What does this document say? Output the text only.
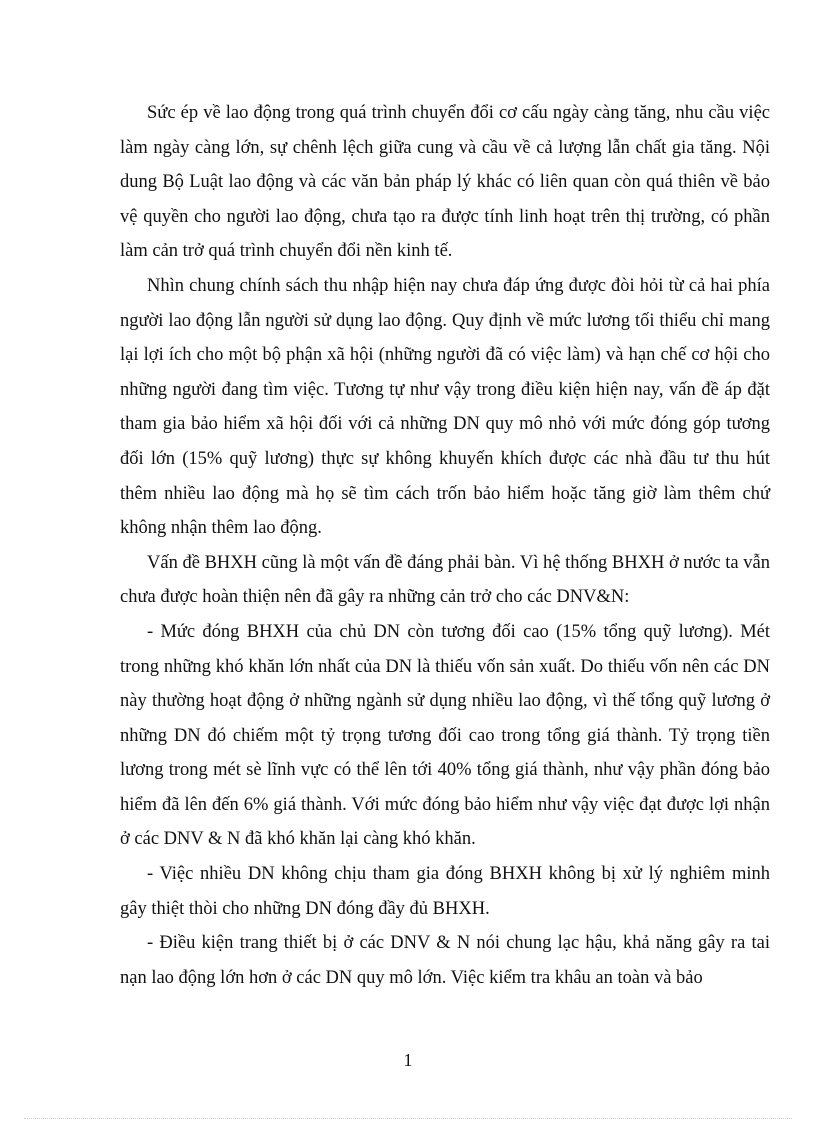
Sức ép về lao động trong quá trình chuyển đổi cơ cấu ngày càng tăng, nhu cầu việc làm ngày càng lớn, sự chênh lệch giữa cung và cầu về cả lượng lẫn chất gia tăng. Nội dung Bộ Luật lao động và các văn bản pháp lý khác có liên quan còn quá thiên về bảo vệ quyền cho người lao động, chưa tạo ra được tính linh hoạt trên thị trường, có phần làm cản trở quá trình chuyển đổi nền kinh tế.

Nhìn chung chính sách thu nhập hiện nay chưa đáp ứng được đòi hỏi từ cả hai phía người lao động lẫn người sử dụng lao động. Quy định về mức lương tối thiểu chỉ mang lại lợi ích cho một bộ phận xã hội (những người đã có việc làm) và hạn chế cơ hội cho những người đang tìm việc. Tương tự như vậy trong điều kiện hiện nay, vấn đề áp đặt tham gia bảo hiểm xã hội đối với cả những DN quy mô nhỏ với mức đóng góp tương đối lớn (15% quỹ lương) thực sự không khuyến khích được các nhà đầu tư thu hút thêm nhiều lao động mà họ sẽ tìm cách trốn bảo hiểm hoặc tăng giờ làm thêm chứ không nhận thêm lao động.

Vấn đề BHXH cũng là một vấn đề đáng phải bàn. Vì hệ thống BHXH ở nước ta vẫn chưa được hoàn thiện nên đã gây ra những cản trở cho các DNV&N:

- Mức đóng BHXH của chủ DN còn tương đối cao (15% tổng quỹ lương). Mét trong những khó khăn lớn nhất của DN là thiếu vốn sản xuất. Do thiếu vốn nên các DN này thường hoạt động ở những ngành sử dụng nhiều lao động, vì thế tổng quỹ lương ở những DN đó chiếm một tỷ trọng tương đối cao trong tổng giá thành. Tỷ trọng tiền lương trong mét sè lĩnh vực có thể lên tới 40% tổng giá thành, như vậy phần đóng bảo hiểm đã lên đến 6% giá thành. Với mức đóng bảo hiểm như vậy việc đạt được lợi nhận ở các DNV & N đã khó khăn lại càng khó khăn.

- Việc nhiều DN không chịu tham gia đóng BHXH không bị xử lý nghiêm minh gây thiệt thòi cho những DN đóng đầy đủ BHXH.

- Điều kiện trang thiết bị ở các DNV & N nói chung lạc hậu, khả năng gây ra tai nạn lao động lớn hơn ở các DN quy mô lớn. Việc kiểm tra khâu an toàn và bảo

1
